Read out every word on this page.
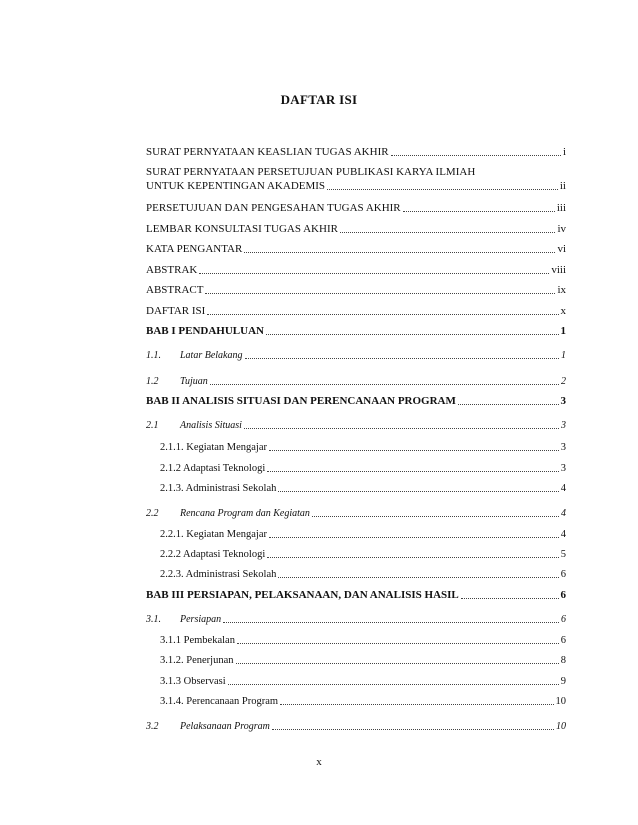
DAFTAR ISI
SURAT PERNYATAAN KEASLIAN TUGAS AKHIR	i
SURAT PERNYATAAN PERSETUJUAN PUBLIKASI KARYA ILMIAH
UNTUK KEPENTINGAN AKADEMIS	ii
PERSETUJUAN DAN PENGESAHAN TUGAS AKHIR	iii
LEMBAR KONSULTASI TUGAS AKHIR	iv
KATA PENGANTAR	vi
ABSTRAK	viii
ABSTRACT	ix
DAFTAR ISI	x
BAB I PENDAHULUAN	1
1.1. Latar Belakang	1
1.2 Tujuan	2
BAB II ANALISIS SITUASI DAN PERENCANAAN PROGRAM	3
2.1 Analisis Situasi	3
2.1.1. Kegiatan Mengajar	3
2.1.2 Adaptasi Teknologi	3
2.1.3. Administrasi Sekolah	4
2.2 Rencana Program dan Kegiatan	4
2.2.1. Kegiatan Mengajar	4
2.2.2 Adaptasi Teknologi	5
2.2.3. Administrasi Sekolah	6
BAB III PERSIAPAN, PELAKSANAAN, DAN ANALISIS HASIL	6
3.1. Persiapan	6
3.1.1 Pembekalan	6
3.1.2. Penerjunan	8
3.1.3 Observasi	9
3.1.4. Perencanaan Program	10
3.2 Pelaksanaan Program	10
x
